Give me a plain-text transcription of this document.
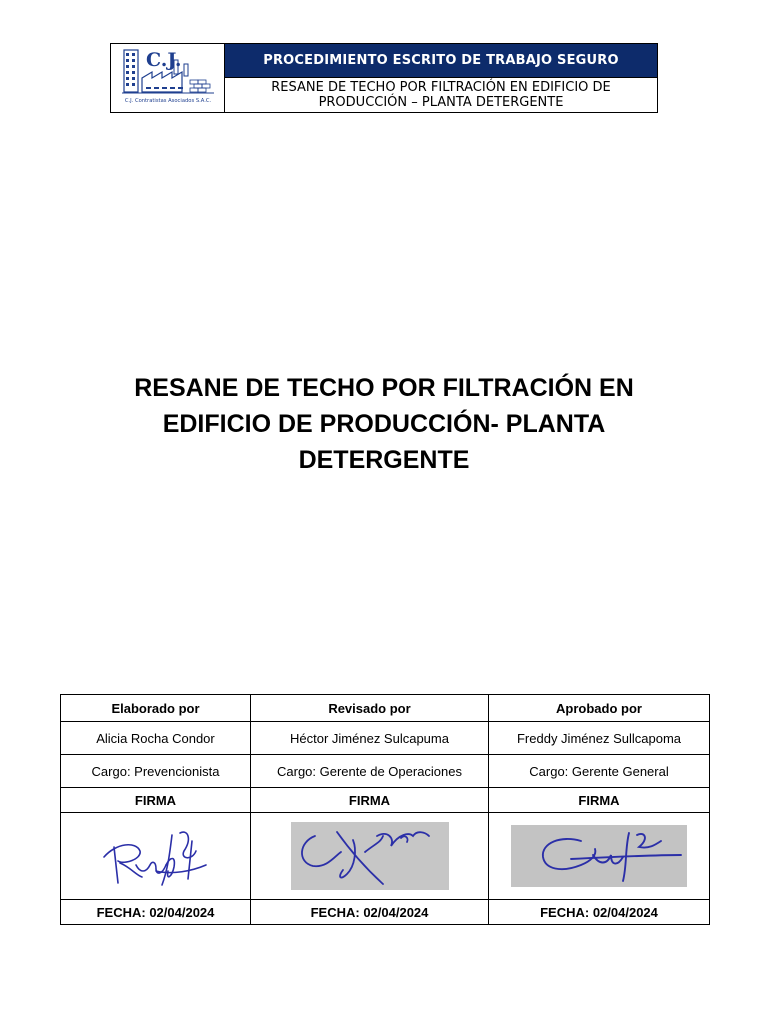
C.J.
C.J. Contratistas Asociados S.A.C.
	PROCEDIMIENTO ESCRITO DE TRABAJO SEGURO
RESANE DE TECHO POR FILTRACIÓN EN EDIFICIO DE
PRODUCCIÓN – PLANTA DETERGENTE
RESANE DE TECHO POR FILTRACIÓN EN
EDIFICIO DE PRODUCCIÓN- PLANTA
DETERGENTE
Elaborado por	Revisado por	Aprobado por
Alicia Rocha Condor	Héctor Jiménez Sulcapuma	Freddy Jiménez Sullcapoma
Cargo: Prevencionista	Cargo: Gerente de Operaciones	Cargo: Gerente General
FIRMA	FIRMA	FIRMA

FECHA: 02/04/2024	FECHA: 02/04/2024	FECHA: 02/04/2024
